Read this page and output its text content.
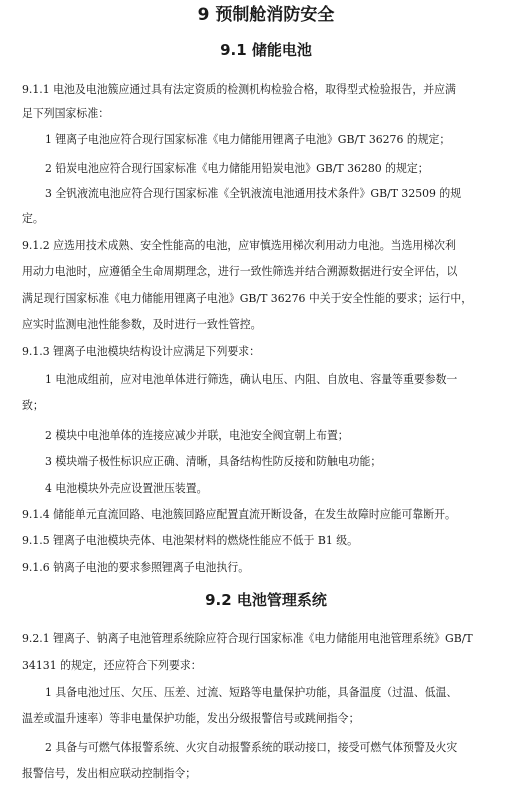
9 预制舱消防安全
9.1 储能电池
9.1.1 电池及电池簇应通过具有法定资质的检测机构检验合格，取得型式检验报告，并应满
足下列国家标准：
1 锂离子电池应符合现行国家标准《电力储能用锂离子电池》GB/T 36276 的规定；
2 铅炭电池应符合现行国家标准《电力储能用铅炭电池》GB/T 36280 的规定；
3 全钒液流电池应符合现行国家标准《全钒液流电池通用技术条件》GB/T 32509 的规
定。
9.1.2 应选用技术成熟、安全性能高的电池，应审慎选用梯次利用动力电池。当选用梯次利
用动力电池时，应遵循全生命周期理念，进行一致性筛选并结合溯源数据进行安全评估，以
满足现行国家标准《电力储能用锂离子电池》GB/T 36276 中关于安全性能的要求；运行中，
应实时监测电池性能参数，及时进行一致性管控。
9.1.3 锂离子电池模块结构设计应满足下列要求：
1 电池成组前，应对电池单体进行筛选，确认电压、内阻、自放电、容量等重要参数一
致；
2 模块中电池单体的连接应减少并联，电池安全阀宜朝上布置；
3 模块端子极性标识应正确、清晰，具备结构性防反接和防触电功能；
4 电池模块外壳应设置泄压装置。
9.1.4 储能单元直流回路、电池簇回路应配置直流开断设备，在发生故障时应能可靠断开。
9.1.5 锂离子电池模块壳体、电池架材料的燃烧性能应不低于 B1 级。
9.1.6 钠离子电池的要求参照锂离子电池执行。
9.2 电池管理系统
9.2.1 锂离子、钠离子电池管理系统除应符合现行国家标准《电力储能用电池管理系统》GB/T
34131 的规定，还应符合下列要求：
1 具备电池过压、欠压、压差、过流、短路等电量保护功能，具备温度（过温、低温、
温差或温升速率）等非电量保护功能，发出分级报警信号或跳闸指令；
2 具备与可燃气体报警系统、火灾自动报警系统的联动接口，接受可燃气体预警及火灾
报警信号，发出相应联动控制指令；
